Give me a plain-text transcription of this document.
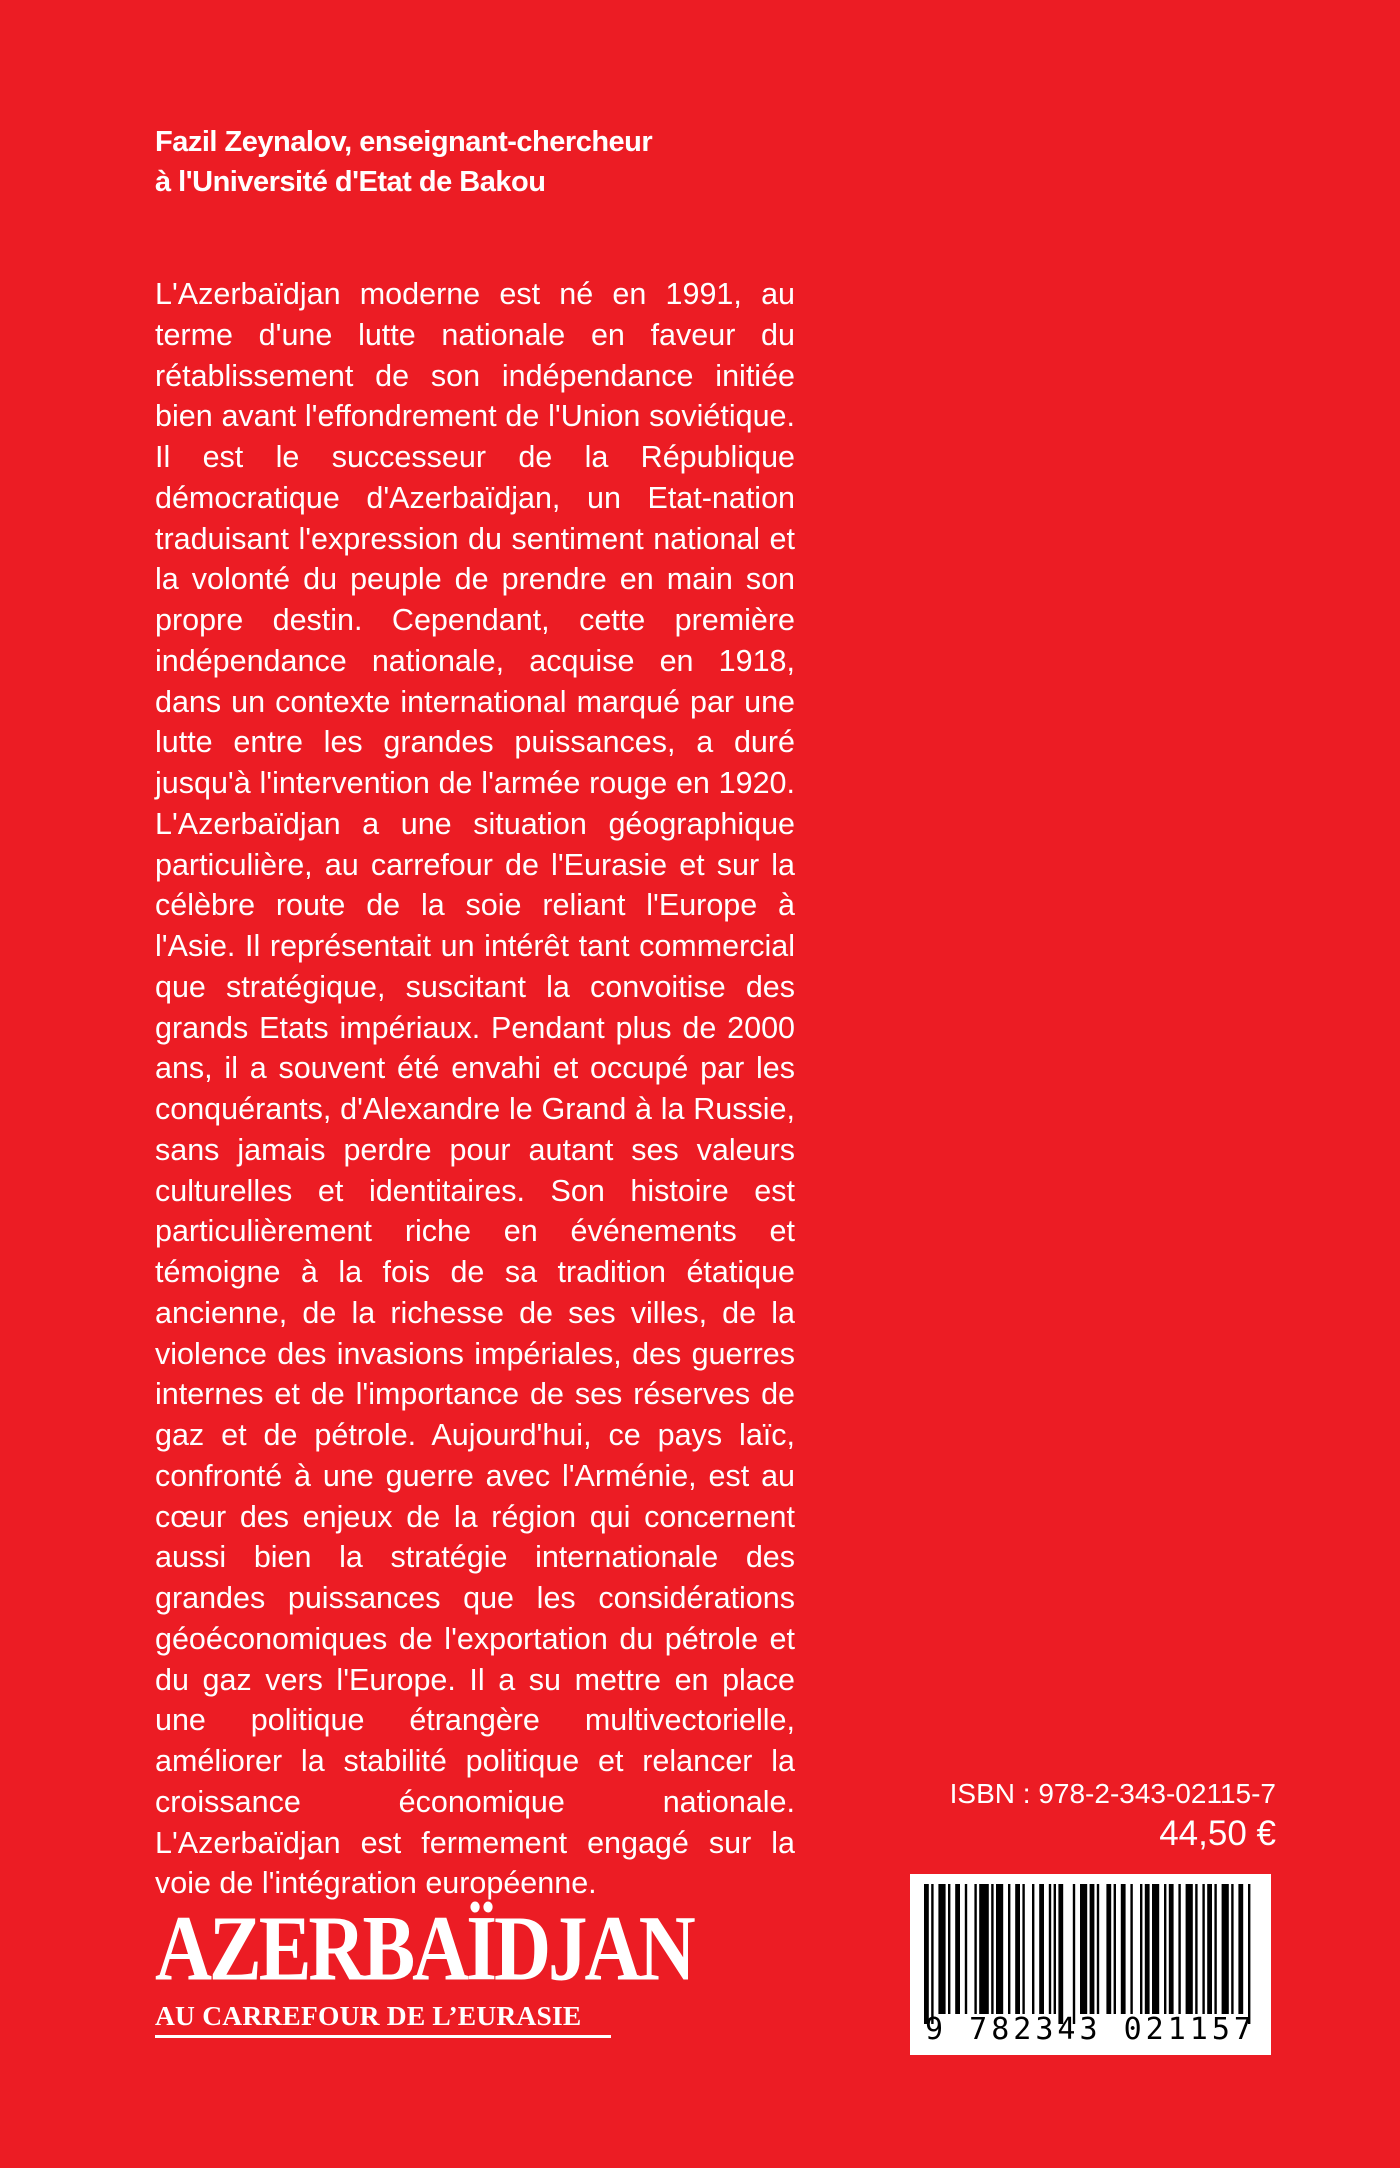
Fazil Zeynalov, enseignant-chercheur
à l'Université d'Etat de Bakou

L'Azerbaïdjan moderne est né en 1991, au terme d'une lutte nationale en faveur du rétablissement de son indépendance initiée bien avant l'effondrement de l'Union soviétique. Il est le successeur de la République démocratique d'Azerbaïdjan, un Etat-nation traduisant l'expression du sentiment national et la volonté du peuple de prendre en main son propre destin. Cependant, cette première indépendance nationale, acquise en 1918, dans un contexte international marqué par une lutte entre les grandes puissances, a duré jusqu'à l'intervention de l'armée rouge en 1920. L'Azerbaïdjan a une situation géographique particulière, au carrefour de l'Eurasie et sur la célèbre route de la soie reliant l'Europe à l'Asie. Il représentait un intérêt tant commercial que stratégique, suscitant la convoitise des grands Etats impériaux. Pendant plus de 2000 ans, il a souvent été envahi et occupé par les conquérants, d'Alexandre le Grand à la Russie, sans jamais perdre pour autant ses valeurs culturelles et identitaires. Son histoire est particulièrement riche en événements et témoigne à la fois de sa tradition étatique ancienne, de la richesse de ses villes, de la violence des invasions impériales, des guerres internes et de l'importance de ses réserves de gaz et de pétrole. Aujourd'hui, ce pays laïc, confronté à une guerre avec l'Arménie, est au cœur des enjeux de la région qui concernent aussi bien la stratégie internationale des grandes puissances que les considérations géoéconomiques de l'exportation du pétrole et du gaz vers l'Europe. Il a su mettre en place une politique étrangère multivectorielle, améliorer la stabilité politique et relancer la croissance économique nationale. L'Azerbaïdjan est fermement engagé sur la voie de l'intégration européenne.

ISBN : 978-2-343-02115-7
44,50 €
9 782343 021157
AZERBAÏDJAN
AU CARREFOUR DE L’EURASIE
